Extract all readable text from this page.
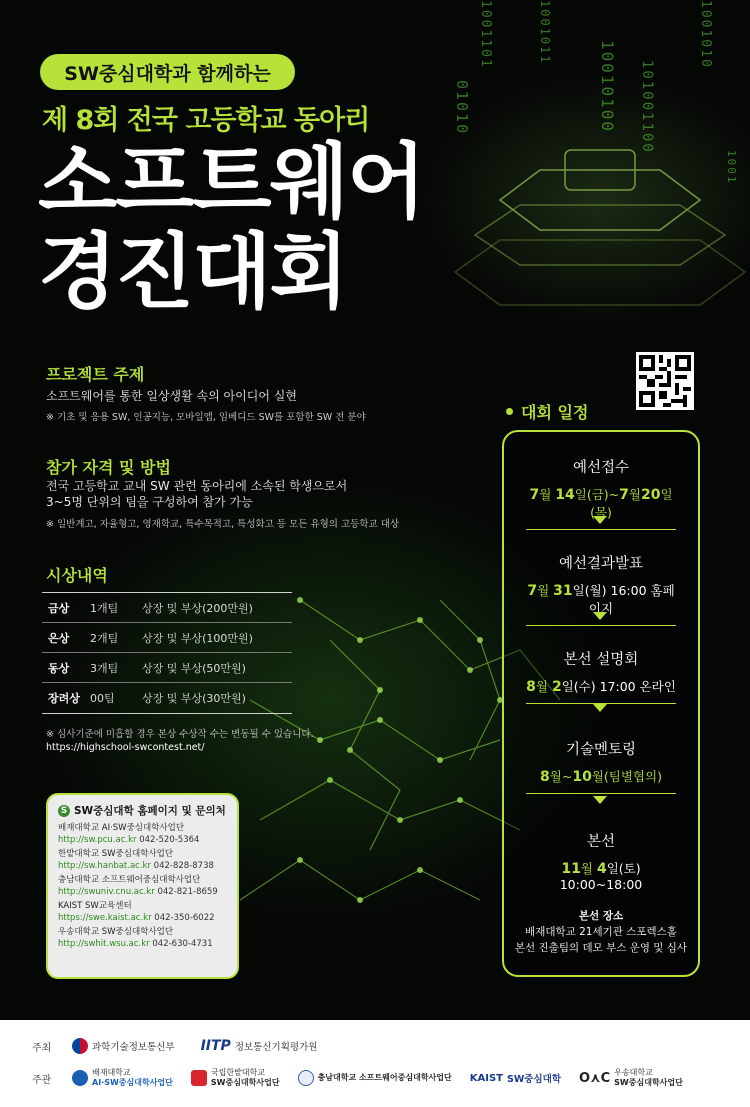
1001101	1001011
10010100 101001100
1001010
1001
01010
SW중심대학과 함께하는
제 8회 전국 고등학교 동아리
소프트웨어
경진대회
프로젝트 주제
소프트웨어를 통한 일상생활 속의 아이디어 실현
※ 기초 및 응용 SW, 인공지능, 모바일앱, 임베디드 SW를 포함한 SW 전 분야
참가 자격 및 방법
전국 고등학교 교내 SW 관련 동아리에 소속된 학생으로서
3~5명 단위의 팀을 구성하여 참가 가능
※ 일반계고, 자율형고, 영재학교, 특수목적고, 특성화고 등 모든 유형의 고등학교 대상
시상내역
금상	1개팀	상장 및 부상(200만원)
은상	2개팀	상장 및 부상(100만원)
동상	3개팀	상장 및 부상(50만원)
장려상 00팀	상장 및 부상(30만원)
※ 심사기준에 미흡할 경우 본상 수상작 수는 변동될 수 있습니다.
https://highschool-swcontest.net/
S SW중심대학 홈페이지 및 문의처
배재대학교 AI·SW중심대학사업단
http://sw.pcu.ac.kr 042-520-5364
한밭대학교 SW중심대학사업단
http://sw.hanbat.ac.kr 042-828-8738
충남대학교 소프트웨어중심대학사업단
http://swuniv.cnu.ac.kr 042-821-8659
KAIST SW교육센터
https://swe.kaist.ac.kr 042-350-6022
우송대학교 SW중심대학사업단
http://swhit.wsu.ac.kr 042-630-4731
대회 일정
예선접수
7월 14일(금)~7월20일(목)
예선결과발표
7월 31일(월) 16:00 홈페이지
본선 설명회
8월 2일(수) 17:00 온라인
기술멘토링
8월~10월(팀별협의)
본선
11월 4일(토) 10:00~18:00
본선 장소
배재대학교 21세기관 스포렉스홀
본선 진출팀의 데모 부스 운영 및 심사
주최	과학기술정보통신부 IITP 정보통신기획평가원
주관
배재대학교
AI·SW중심대학사업단
국립한밭대학교
SW중심대학사업단
충남대학교 소프트웨어중심대학사업단 KAIST SW중심대학 O⋏C 우송대학교
SW중심대학사업단
